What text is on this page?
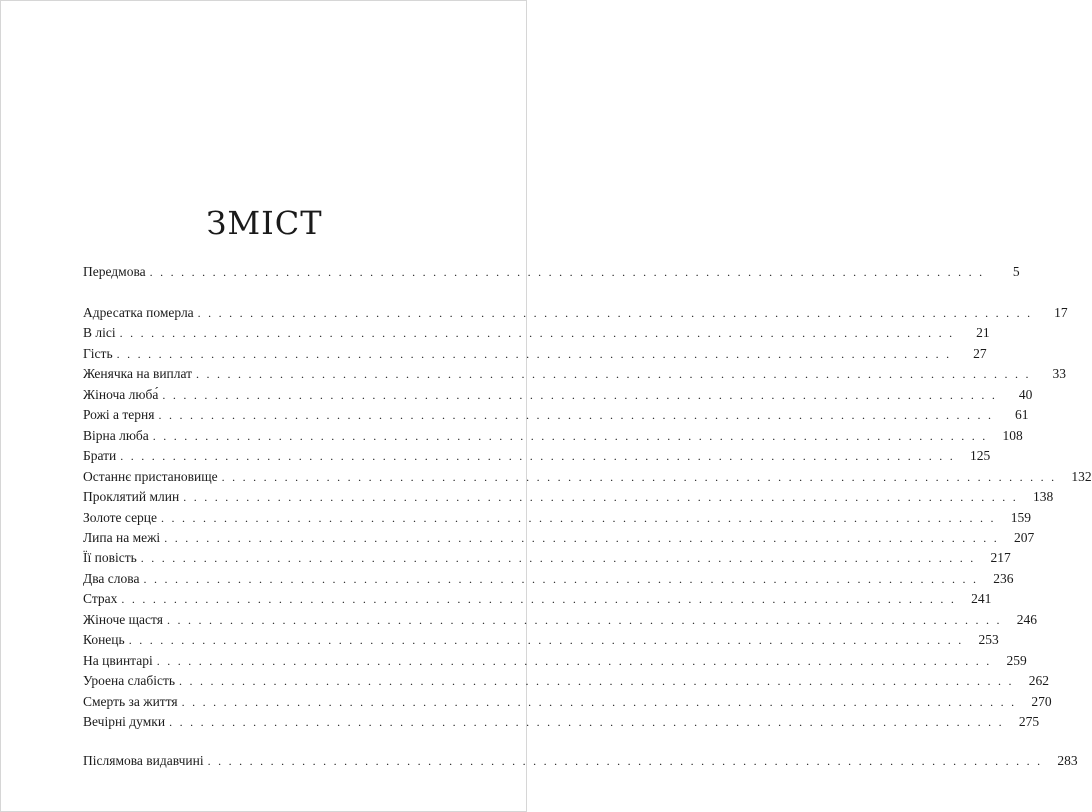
ЗМІСТ
Передмова ................................................................................	5
Адресатка померла ................................................................................	17
В лісі ................................................................................	21
Гість ................................................................................	27
Женячка на виплат ................................................................................	33
Жіноча люба́ ................................................................................	40
Рожі а терня ................................................................................	61
Вірна люба ................................................................................ 108
Брати ................................................................................ 125
Останнє пристановище ................................................................................ 132
Проклятий млин ................................................................................ 138
Золоте серце ................................................................................ 159
Липа на межі ................................................................................ 207
Її повість ................................................................................ 217
Два слова ................................................................................ 236
Страх ................................................................................ 241
Жіноче щастя ................................................................................ 246
Конець ................................................................................ 253
На цвинтарі ................................................................................ 259
Уроена слабість ................................................................................ 262
Смерть за життя ................................................................................ 270
Вечірні думки ................................................................................ 275
Післямова видавчині ................................................................................ 283
